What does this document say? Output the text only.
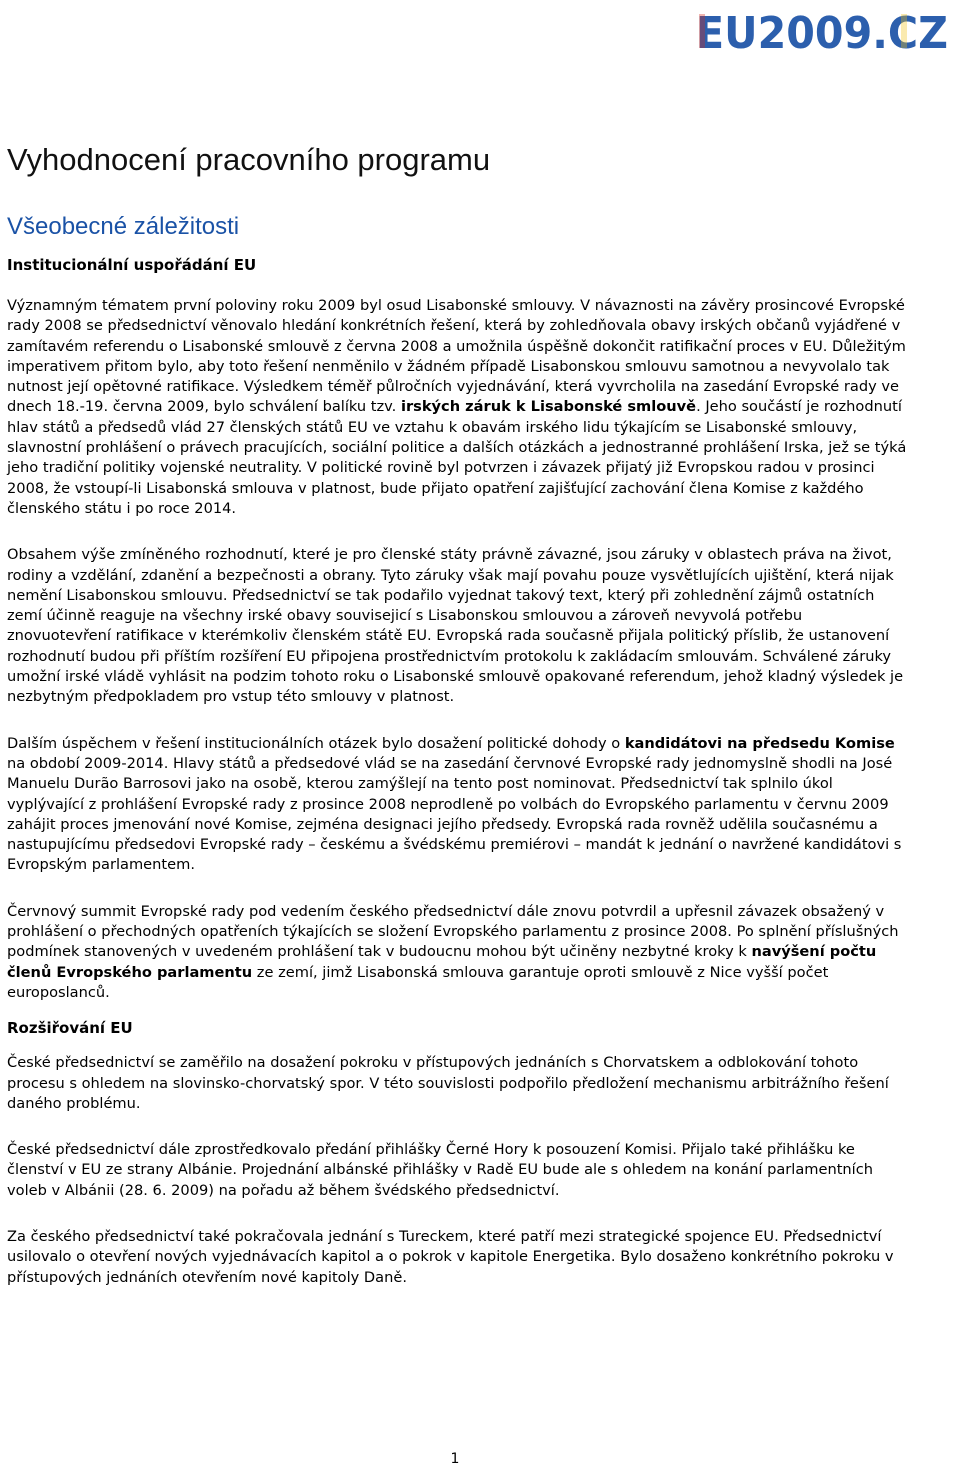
EU2009.CZ
Vyhodnocení pracovního programu
Všeobecné záležitosti
Institucionální uspořádání EU

Významným tématem první poloviny roku 2009 byl osud Lisabonské smlouvy. V návaznosti na závěry prosincové Evropské rady 2008 se předsednictví věnovalo hledání konkrétních řešení, která by zohledňovala obavy irských občanů vyjádřené v zamítavém referendu o Lisabonské smlouvě z června 2008 a umožnila úspěšně dokončit ratifikační proces v EU. Důležitým imperativem přitom bylo, aby toto řešení nenměnilo v žádném případě Lisabonskou smlouvu samotnou a nevyvolalo tak nutnost její opětovné ratifikace. Výsledkem téměř půlročních vyjednávání, která vyvrcholila na zasedání Evropské rady ve dnech 18.-19. června 2009, bylo schválení balíku tzv. irských záruk k Lisabonské smlouvě. Jeho součástí je rozhodnutí hlav států a předsedů vlád 27 členských států EU ve vztahu k obavám irského lidu týkajícím se Lisabonské smlouvy, slavnostní prohlášení o právech pracujících, sociální politice a dalších otázkách a jednostranné prohlášení Irska, jež se týká jeho tradiční politiky vojenské neutrality. V politické rovině byl potvrzen i závazek přijatý již Evropskou radou v prosinci 2008, že vstoupí-li Lisabonská smlouva v platnost, bude přijato opatření zajišťující zachování člena Komise z každého členského státu i po roce 2014.

Obsahem výše zmíněného rozhodnutí, které je pro členské státy právně závazné, jsou záruky v oblastech práva na život, rodiny a vzdělání, zdanění a bezpečnosti a obrany. Tyto záruky však mají povahu pouze vysvětlujících ujištění, která nijak nemění Lisabonskou smlouvu. Předsednictví se tak podařilo vyjednat takový text, který při zohlednění zájmů ostatních zemí účinně reaguje na všechny irské obavy souvisejicí s Lisabonskou smlouvou a zároveň nevyvolá potřebu znovuotevření ratifikace v kterémkoliv členském státě EU. Evropská rada současně přijala politický příslib, že ustanovení rozhodnutí budou při příštím rozšíření EU připojena prostřednictvím protokolu k zakládacím smlouvám. Schválené záruky umožní irské vládě vyhlásit na podzim tohoto roku o Lisabonské smlouvě opakované referendum, jehož kladný výsledek je nezbytným předpokladem pro vstup této smlouvy v platnost.

Dalším úspěchem v řešení institucionálních otázek bylo dosažení politické dohody o kandidátovi na předsedu Komise na období 2009-2014. Hlavy států a předsedové vlád se na zasedání červnové Evropské rady jednomyslně shodli na José Manuelu Durão Barrosovi jako na osobě, kterou zamýšlejí na tento post nominovat. Předsednictví tak splnilo úkol vyplývající z prohlášení Evropské rady z prosince 2008 neprodleně po volbách do Evropského parlamentu v červnu 2009 zahájit proces jmenování nové Komise, zejména designaci jejího předsedy. Evropská rada rovněž udělila současnému a nastupujícímu předsedovi Evropské rady – českému a švédskému premiérovi – mandát k jednání o navržené kandidátovi s Evropským parlamentem.

Červnový summit Evropské rady pod vedením českého předsednictví dále znovu potvrdil a upřesnil závazek obsažený v prohlášení o přechodných opatřeních týkajících se složení Evropského parlamentu z prosince 2008. Po splnění příslušných podmínek stanovených v uvedeném prohlášení tak v budoucnu mohou být učiněny nezbytné kroky k navýšení počtu členů Evropského parlamentu ze zemí, jimž Lisabonská smlouva garantuje oproti smlouvě z Nice vyšší počet europoslanců.

Rozšiřování EU

České předsednictví se zaměřilo na dosažení pokroku v přístupových jednáních s Chorvatskem a odblokování tohoto procesu s ohledem na slovinsko-chorvatský spor. V této souvislosti podpořilo předložení mechanismu arbitrážního řešení daného problému.

České předsednictví dále zprostředkovalo předání přihlášky Černé Hory k posouzení Komisi. Přijalo také přihlášku ke členství v EU ze strany Albánie. Projednání albánské přihlášky v Radě EU bude ale s ohledem na konání parlamentních voleb v Albánii (28. 6. 2009) na pořadu až během švédského předsednictví.

Za českého předsednictví také pokračovala jednání s Tureckem, které patří mezi strategické spojence EU. Předsednictví usilovalo o otevření nových vyjednávacích kapitol a o pokrok v kapitole Energetika. Bylo dosaženo konkrétního pokroku v přístupových jednáních otevřením nové kapitoly Daně.

1
